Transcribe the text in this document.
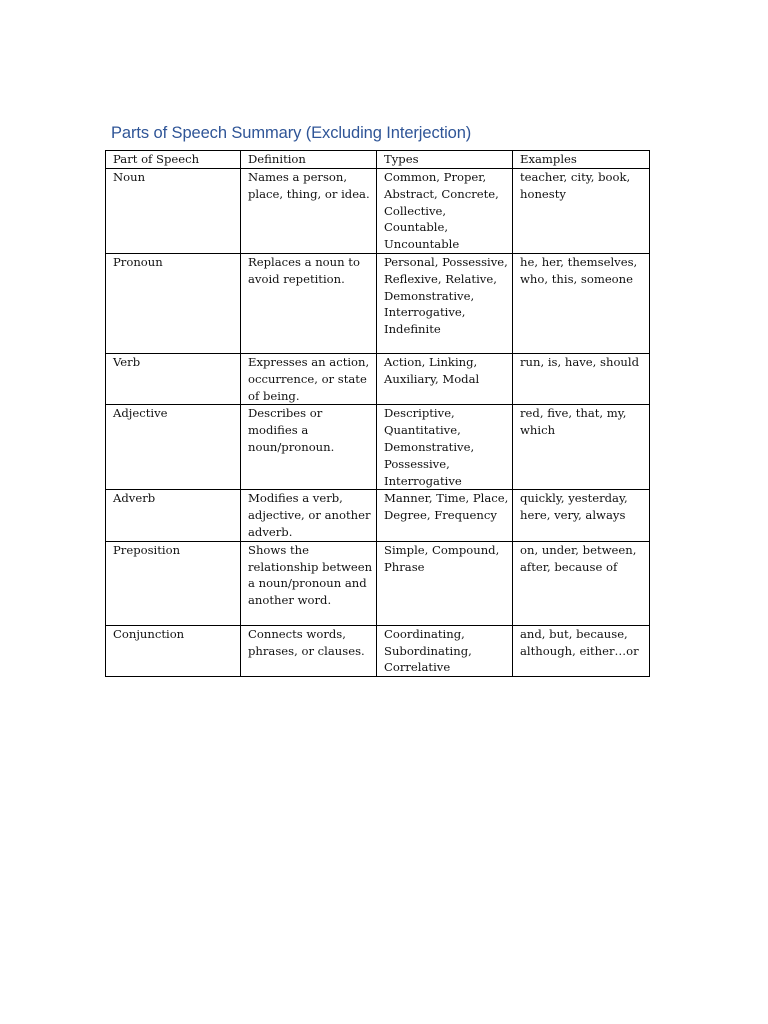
Parts of Speech Summary (Excluding Interjection)
Part of Speech	Definition	Types	Examples
Noun	Names a person, place, thing, or idea.	Common, Proper, Abstract, Concrete, Collective, Countable, Uncountable	teacher, city, book, honesty
Pronoun	Replaces a noun to avoid repetition.	Personal, Possessive, Reflexive, Relative, Demonstrative, Interrogative, Indefinite	he, her, themselves, who, this, someone
Verb	Expresses an action, occurrence, or state of being.	Action, Linking, Auxiliary, Modal	run, is, have, should
Adjective	Describes or modifies a noun/pronoun.	Descriptive, Quantitative, Demonstrative, Possessive, Interrogative	red, five, that, my, which
Adverb	Modifies a verb, adjective, or another adverb.	Manner, Time, Place, Degree, Frequency	quickly, yesterday, here, very, always
Preposition	Shows the relationship between a noun/pronoun and another word.	Simple, Compound, Phrase	on, under, between, after, because of
Conjunction	Connects words, phrases, or clauses.	Coordinating, Subordinating, Correlative	and, but, because, although, either…or
